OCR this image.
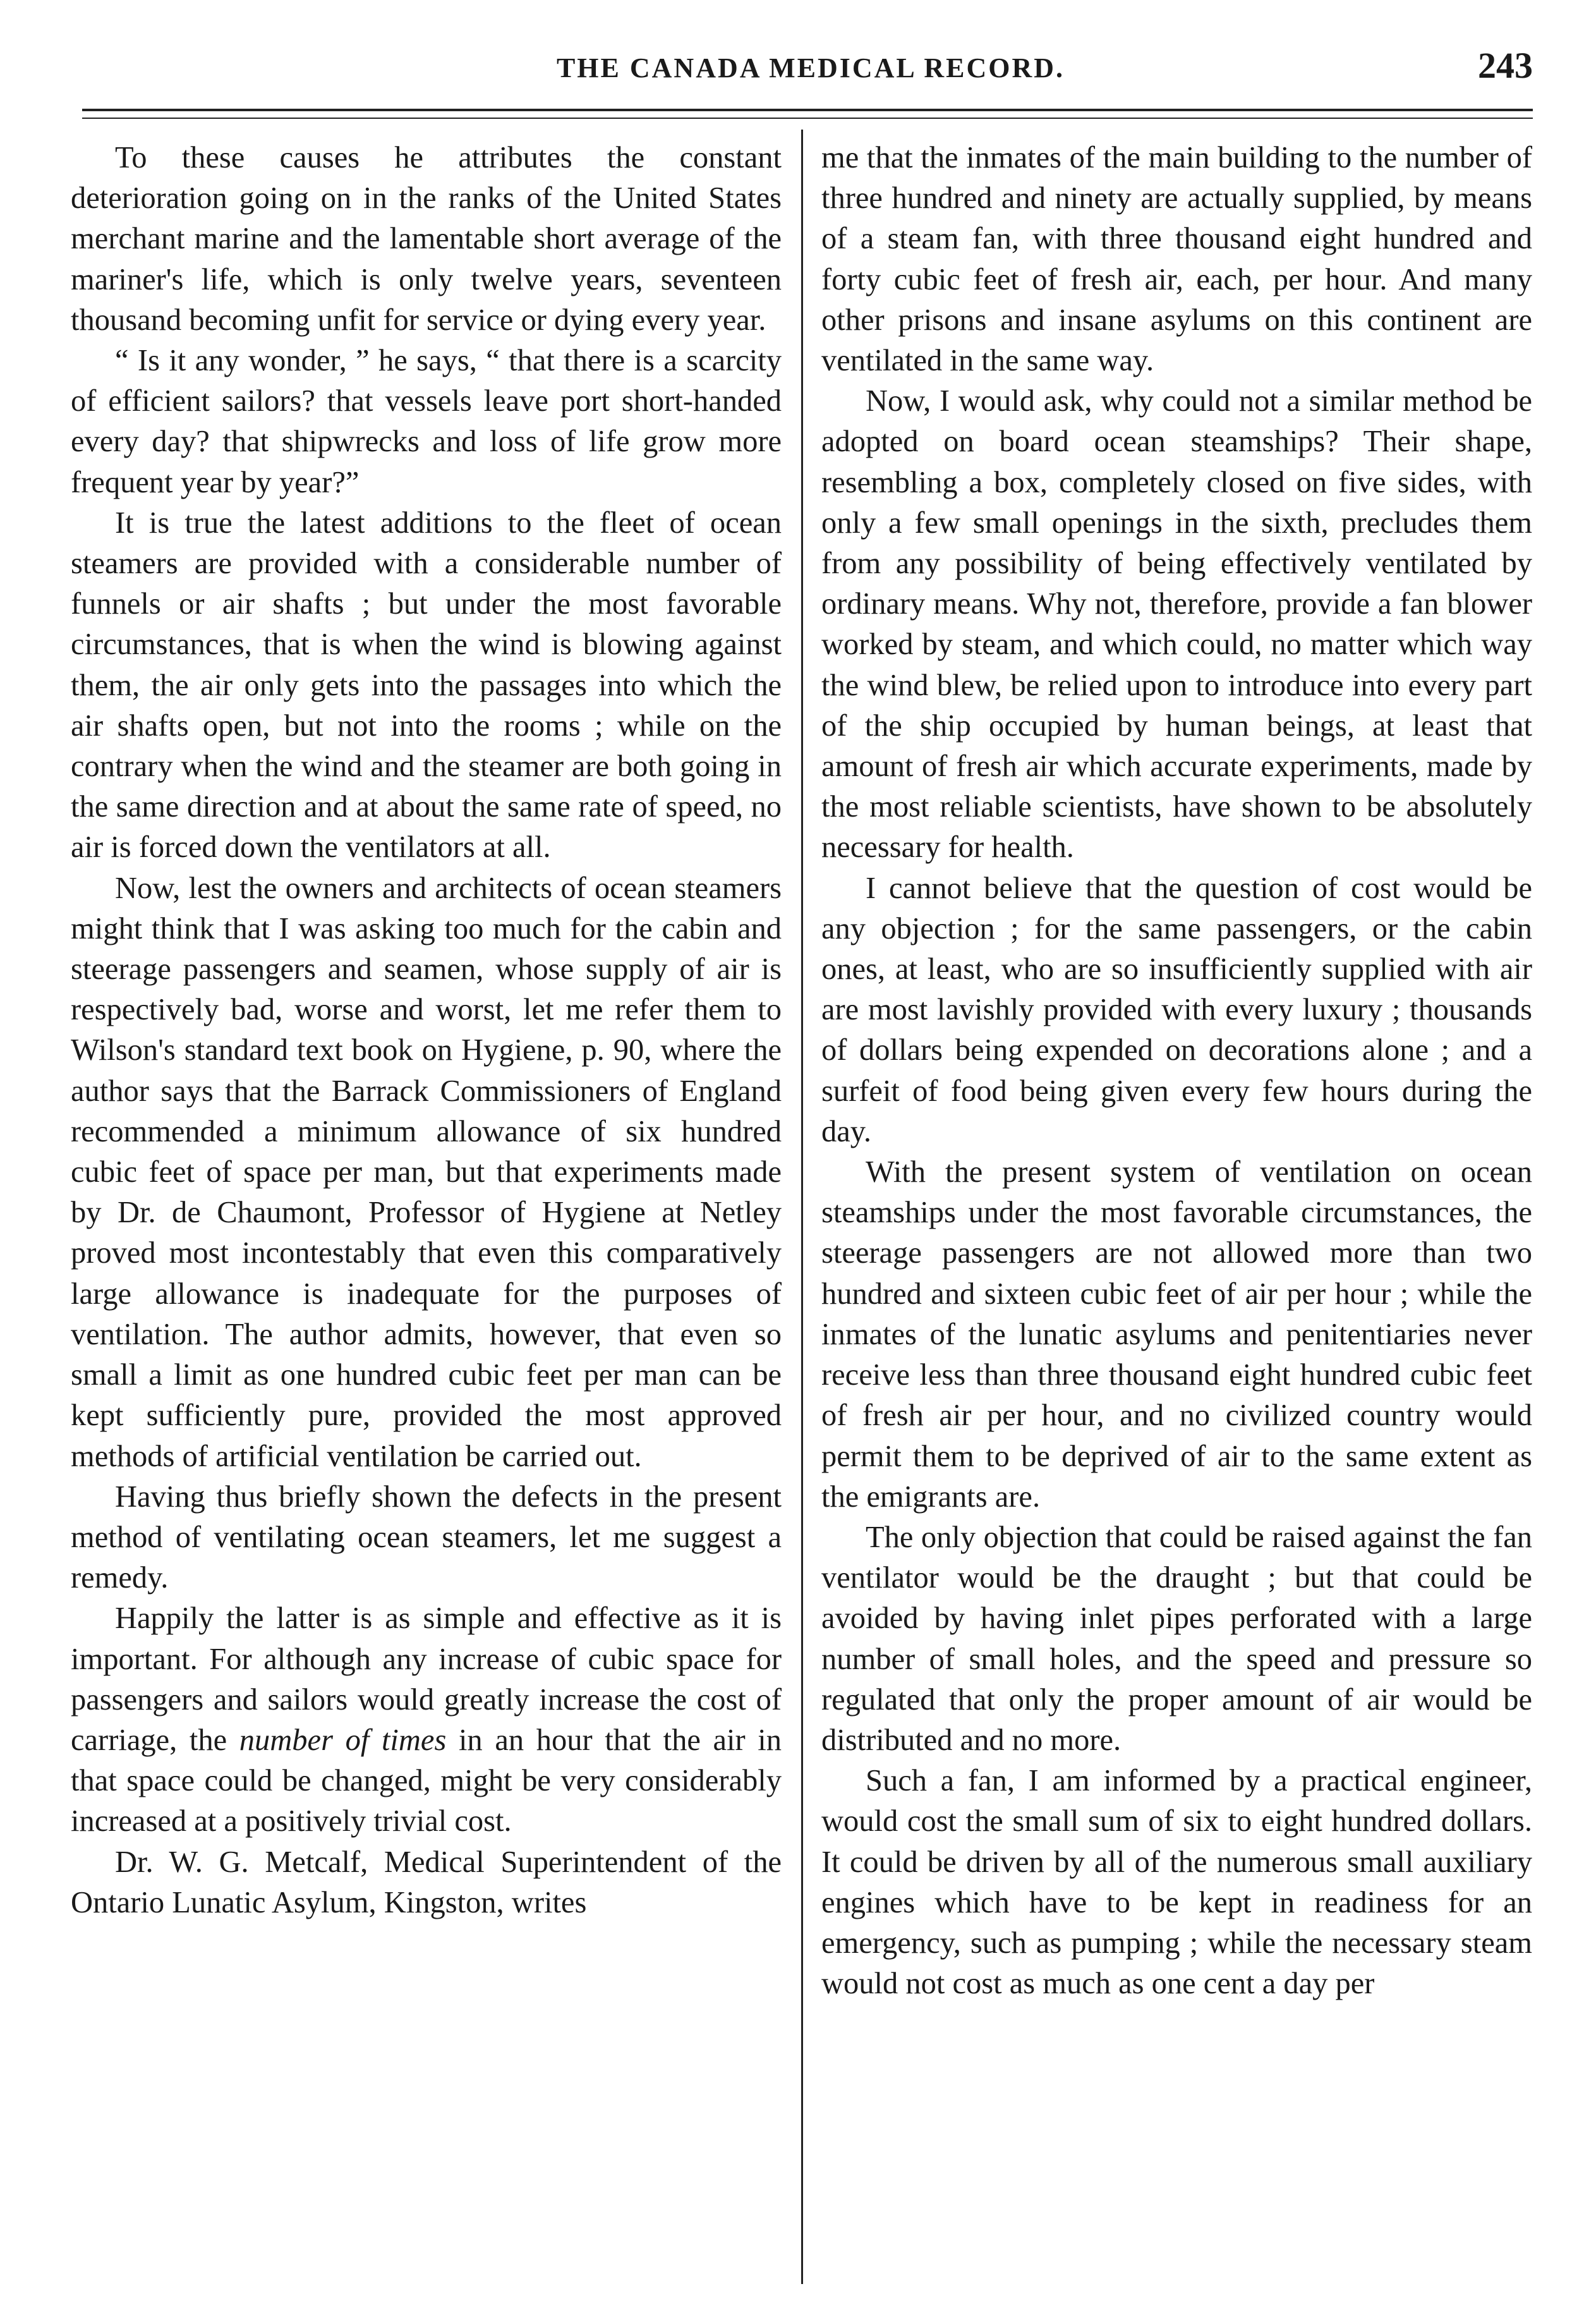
THE CANADA MEDICAL RECORD.	243

To these causes he attributes the constant deterioration going on in the ranks of the United States merchant marine and the lamentable short average of the mariner's life, which is only twelve years, seventeen thousand becoming unfit for service or dying every year.

“ Is it any wonder, ” he says, “ that there is a scarcity of efficient sailors? that vessels leave port short-handed every day? that shipwrecks and loss of life grow more frequent year by year?”

It is true the latest additions to the fleet of ocean steamers are provided with a considerable number of funnels or air shafts ; but under the most favorable circumstances, that is when the wind is blowing against them, the air only gets into the passages into which the air shafts open, but not into the rooms ; while on the contrary when the wind and the steamer are both going in the same direction and at about the same rate of speed, no air is forced down the ventilators at all.

Now, lest the owners and architects of ocean steamers might think that I was asking too much for the cabin and steerage passengers and seamen, whose supply of air is respectively bad, worse and worst, let me refer them to Wilson's standard text book on Hygiene, p. 90, where the author says that the Barrack Commissioners of England recommended a minimum allowance of six hundred cubic feet of space per man, but that experiments made by Dr. de Chaumont, Professor of Hygiene at Netley proved most incontestably that even this comparatively large allowance is inadequate for the purposes of ventilation. The author admits, however, that even so small a limit as one hundred cubic feet per man can be kept sufficiently pure, provided the most approved methods of artificial ventilation be carried out.

Having thus briefly shown the defects in the present method of ventilating ocean steamers, let me suggest a remedy.

Happily the latter is as simple and effective as it is important. For although any increase of cubic space for passengers and sailors would greatly increase the cost of carriage, the number of times in an hour that the air in that space could be changed, might be very considerably increased at a positively trivial cost.

Dr. W. G. Metcalf, Medical Superintendent of the Ontario Lunatic Asylum, Kingston, writes

me that the inmates of the main building to the number of three hundred and ninety are actually supplied, by means of a steam fan, with three thousand eight hundred and forty cubic feet of fresh air, each, per hour. And many other prisons and insane asylums on this continent are ventilated in the same way.

Now, I would ask, why could not a similar method be adopted on board ocean steamships? Their shape, resembling a box, completely closed on five sides, with only a few small openings in the sixth, precludes them from any possibility of being effectively ventilated by ordinary means. Why not, therefore, provide a fan blower worked by steam, and which could, no matter which way the wind blew, be relied upon to introduce into every part of the ship occupied by human beings, at least that amount of fresh air which accurate experiments, made by the most reliable scientists, have shown to be absolutely necessary for health.

I cannot believe that the question of cost would be any objection ; for the same passengers, or the cabin ones, at least, who are so insufficiently supplied with air are most lavishly provided with every luxury ; thousands of dollars being expended on decorations alone ; and a surfeit of food being given every few hours during the day.

With the present system of ventilation on ocean steamships under the most favorable circumstances, the steerage passengers are not allowed more than two hundred and sixteen cubic feet of air per hour ; while the inmates of the lunatic asylums and penitentiaries never receive less than three thousand eight hundred cubic feet of fresh air per hour, and no civilized country would permit them to be deprived of air to the same extent as the emigrants are.

The only objection that could be raised against the fan ventilator would be the draught ; but that could be avoided by having inlet pipes perforated with a large number of small holes, and the speed and pressure so regulated that only the proper amount of air would be distributed and no more.

Such a fan, I am informed by a practical engineer, would cost the small sum of six to eight hundred dollars. It could be driven by all of the numerous small auxiliary engines which have to be kept in readiness for an emergency, such as pumping ; while the necessary steam would not cost as much as one cent a day per
